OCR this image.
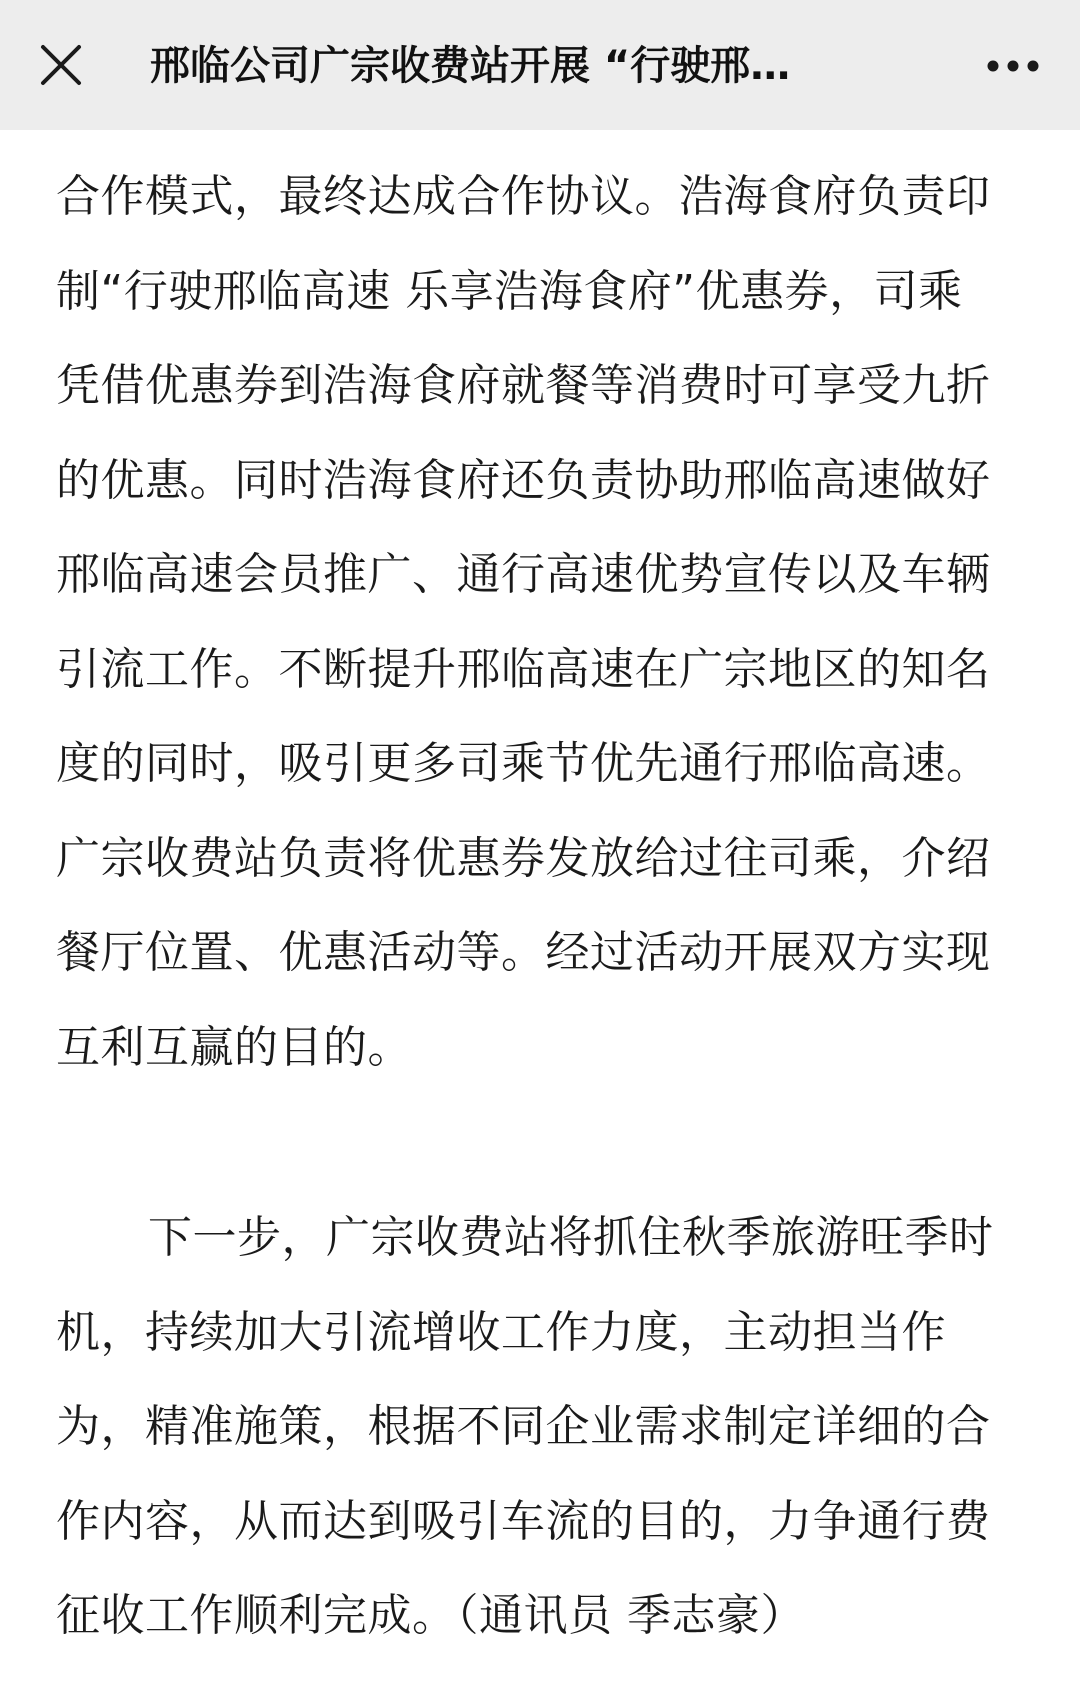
邢临公司广宗收费站开展 “行驶邢…
合作模式，最终达成合作协议。浩海食府负责印
制“行驶邢临高速 乐享浩海食府”优惠券，司乘
凭借优惠券到浩海食府就餐等消费时可享受九折
的优惠。同时浩海食府还负责协助邢临高速做好
邢临高速会员推广、通行高速优势宣传以及车辆
引流工作。不断提升邢临高速在广宗地区的知名
度的同时，吸引更多司乘节优先通行邢临高速。
广宗收费站负责将优惠券发放给过往司乘，介绍
餐厅位置、优惠活动等。经过活动开展双方实现
互利互赢的目的。
下一步，广宗收费站将抓住秋季旅游旺季时
机，持续加大引流增收工作力度，主动担当作
为，精准施策，根据不同企业需求制定详细的合
作内容，从而达到吸引车流的目的，力争通行费
征收工作顺利完成。（通讯员 季志豪）
